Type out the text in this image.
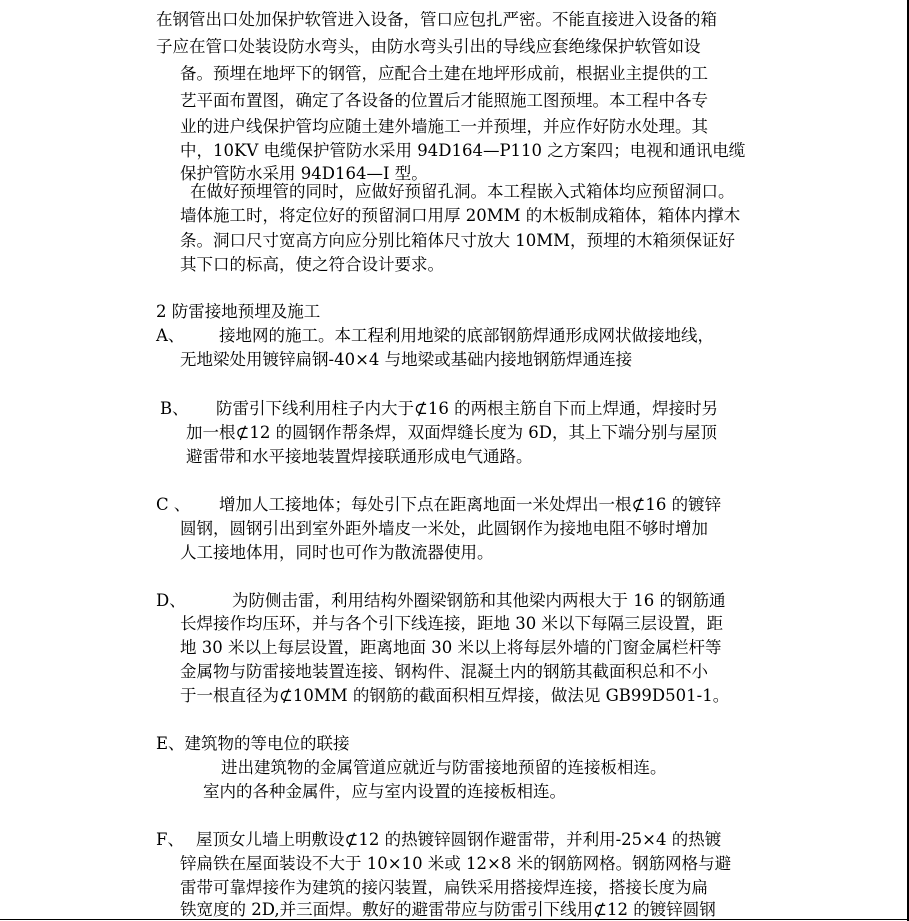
在钢管出口处加保护软管进入设备，管口应包扎严密。不能直接进入设备的箱
子应在管口处装设防水弯头，由防水弯头引出的导线应套绝缘保护软管如设
备。预埋在地坪下的钢管，应配合土建在地坪形成前，根据业主提供的工
艺平面布置图，确定了各设备的位置后才能照施工图预埋。本工程中各专
业的进户线保护管均应随土建外墙施工一并预埋，并应作好防水处理。其
中，10KV 电缆保护管防水采用 94D164—P110 之方案四；电视和通讯电缆
保护管防水采用 94D164—I 型。
在做好预埋管的同时，应做好预留孔洞。本工程嵌入式箱体均应预留洞口。
墙体施工时，将定位好的预留洞口用厚 20MM 的木板制成箱体，箱体内撑木
条。洞口尺寸宽高方向应分别比箱体尺寸放大 10MM，预埋的木箱须保证好
其下口的标高，使之符合设计要求。
2 防雷接地预埋及施工
A、 接地网的施工。本工程利用地梁的底部钢筋焊通形成网状做接地线，
无地梁处用镀锌扁钢-40×4 与地梁或基础内接地钢筋焊通连接
B、 防雷引下线利用柱子内大于⊄16 的两根主筋自下而上焊通，焊接时另
加一根⊄12 的圆钢作帮条焊，双面焊缝长度为 6D，其上下端分别与屋顶
避雷带和水平接地装置焊接联通形成电气通路。
C 、 增加人工接地体；每处引下点在距离地面一米处焊出一根⊄16 的镀锌
圆钢，圆钢引出到室外距外墙皮一米处，此圆钢作为接地电阻不够时增加
人工接地体用，同时也可作为散流器使用。
D、	为防侧击雷，利用结构外圈梁钢筋和其他梁内两根大于 16 的钢筋通
长焊接作均压环，并与各个引下线连接，距地 30 米以下每隔三层设置，距
地 30 米以上每层设置，距离地面 30 米以上将每层外墙的门窗金属栏杆等
金属物与防雷接地装置连接、钢构件、混凝土内的钢筋其截面积总和不小
于一根直径为⊄10MM 的钢筋的截面积相互焊接，做法见 GB99D501-1。
E、建筑物的等电位的联接
进出建筑物的金属管道应就近与防雷接地预留的连接板相连。
室内的各种金属件，应与室内设置的连接板相连。
F、 屋顶女儿墙上明敷设⊄12 的热镀锌圆钢作避雷带，并利用-25×4 的热镀
锌扁铁在屋面装设不大于 10×10 米或 12×8 米的钢筋网格。钢筋网格与避
雷带可靠焊接作为建筑的接闪装置，扁铁采用搭接焊连接，搭接长度为扁
铁宽度的 2D,并三面焊。敷好的避雷带应与防雷引下线用⊄12 的镀锌圆钢
